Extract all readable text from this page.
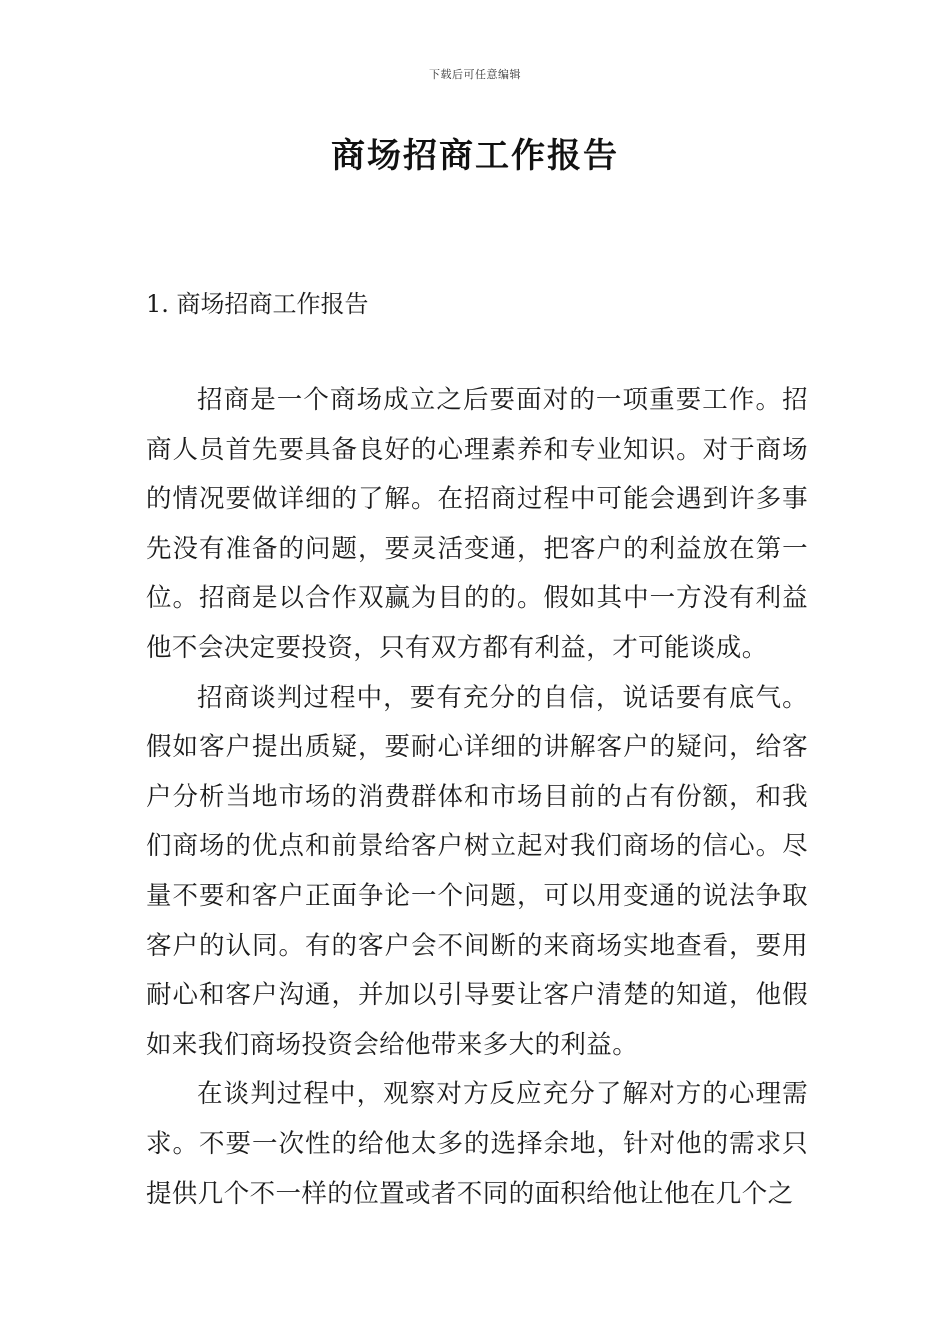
下载后可任意编辑
商场招商工作报告
1. 商场招商工作报告

招商是一个商场成立之后要面对的一项重要工作。招商人员首先要具备良好的心理素养和专业知识。对于商场的情况要做详细的了解。在招商过程中可能会遇到许多事先没有准备的问题，要灵活变通，把客户的利益放在第一位。招商是以合作双赢为目的的。假如其中一方没有利益他不会决定要投资，只有双方都有利益，才可能谈成。

招商谈判过程中，要有充分的自信，说话要有底气。假如客户提出质疑，要耐心详细的讲解客户的疑问，给客户分析当地市场的消费群体和市场目前的占有份额，和我们商场的优点和前景给客户树立起对我们商场的信心。尽量不要和客户正面争论一个问题，可以用变通的说法争取客户的认同。有的客户会不间断的来商场实地查看，要用耐心和客户沟通，并加以引导要让客户清楚的知道，他假如来我们商场投资会给他带来多大的利益。

在谈判过程中，观察对方反应充分了解对方的心理需求。不要一次性的给他太多的选择余地，针对他的需求只提供几个不一样的位置或者不同的面积给他让他在几个之
